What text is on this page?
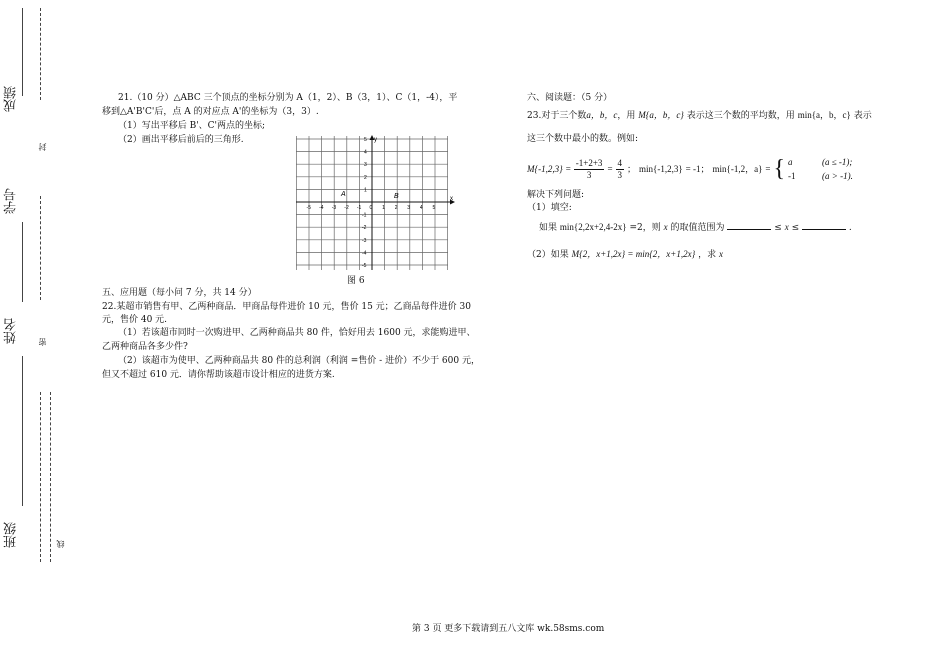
成绩
封
学号
姓名 密
班级	线
21.（10 分）△ABC 三个顶点的坐标分别为 A（1，2）、B（3，1）、C（1，-4），平
移到△A'B'C'后，点 A 的对应点 A'的坐标为（3，3）.
（1）写出平移后 B'、C'两点的坐标;
（2）画出平移后前后的三角形.
x
y
-5 -4 -3 -2 -1 0 1 2 3 4 5
5
4
3
2
1
-1
-2
-3
-4
-5
A	B
图 6
五、应用题（每小问 7 分，共 14 分）
22.某超市销售有甲、乙两种商品．甲商品每件进价 10 元，售价 15 元；乙商品每件进价 30
元，售价 40 元.
（1）若该超市同时一次购进甲、乙两种商品共 80 件，恰好用去 1600 元，求能购进甲、
乙两种商品各多少件?
（2）该超市为使甲、乙两种商品共 80 件的总利润（利润 =售价 - 进价）不少于 600 元，
但又不超过 610 元．请你帮助该超市设计相应的进货方案.
六、阅读题：（5 分）
23.对于三个数a，b，c，用 M{a，b，c} 表示这三个数的平均数，用 min{a，b，c} 表示
这三个数中最小的数。例如:
$M\{-1,2,3\} = \frac{-1+2+3}{3} = \frac{4}{3}$ ； min{-1,2,3} = -1； min{-1,2，a} = { a	(a ≤ -1);
-1	(a > -1).
解决下列问题:
（1）填空:
如果 min{2,2x+2,4-2x} =2，则 x 的取值范围为	≤ x ≤	.
（2）如果 M{2，x+1,2x} = min{2，x+1,2x} ，求 x
第 3 页 更多下载请到五八文库 wk.58sms.com
